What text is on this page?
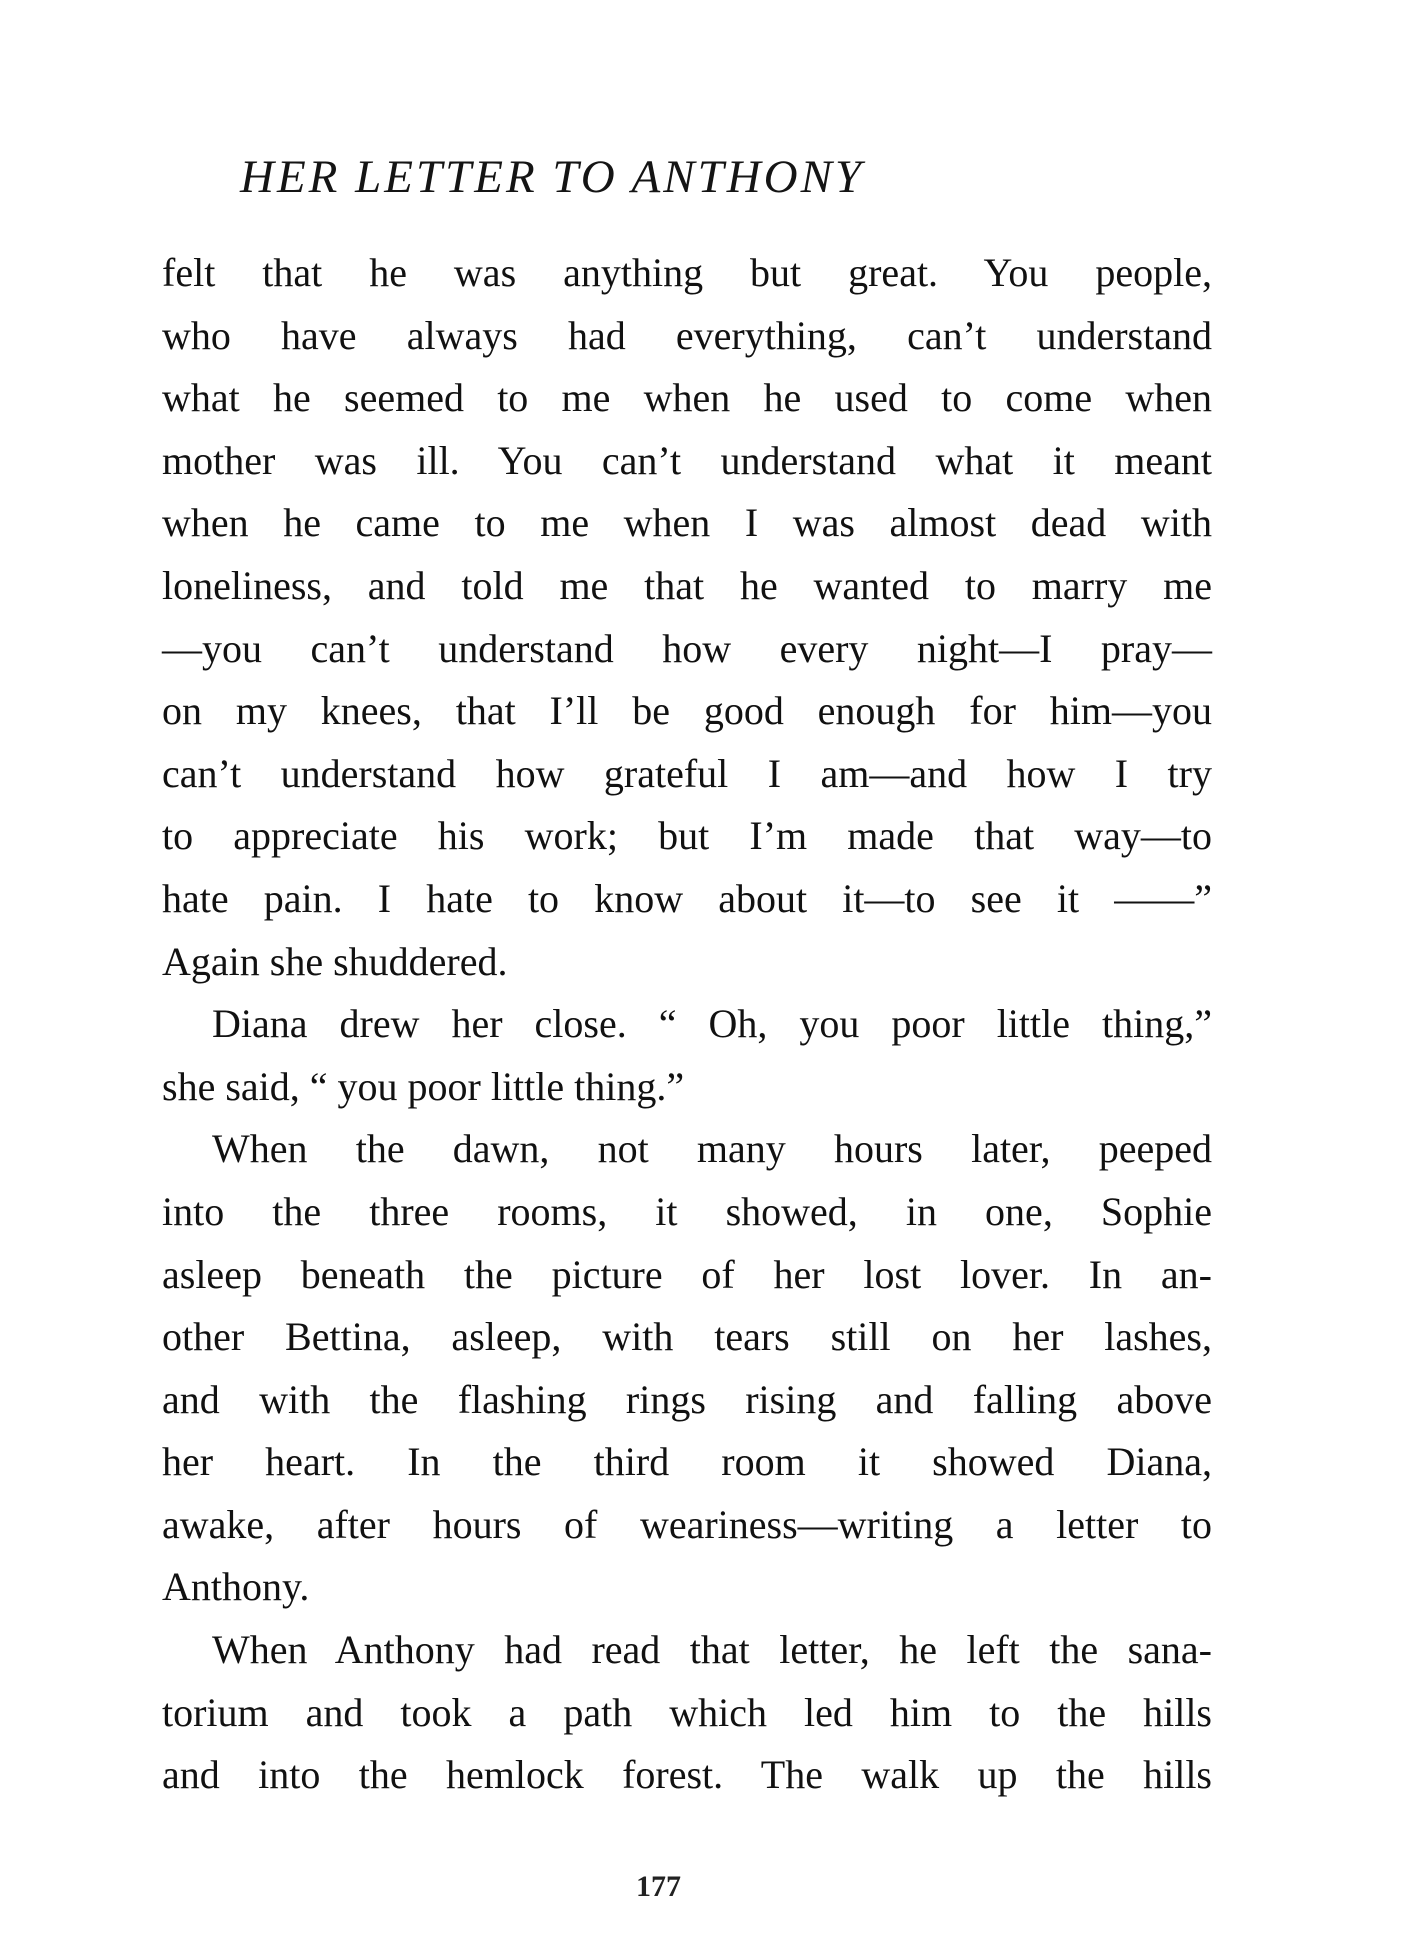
HER LETTER TO ANTHONY
felt that he was anything but great. You people,
who have always had everything, can’t understand
what he seemed to me when he used to come when
mother was ill. You can’t understand what it meant
when he came to me when I was almost dead with
loneliness, and told me that he wanted to marry me
—you can’t understand how every night—I pray—
on my knees, that I’ll be good enough for him—you
can’t understand how grateful I am—and how I try
to appreciate his work; but I’m made that way—to
hate pain. I hate to know about it—to see it ——”
Again she shuddered.
Diana drew her close. “ Oh, you poor little thing,”
she said, “ you poor little thing.”
When the dawn, not many hours later, peeped
into the three rooms, it showed, in one, Sophie
asleep beneath the picture of her lost lover. In an-
other Bettina, asleep, with tears still on her lashes,
and with the flashing rings rising and falling above
her heart. In the third room it showed Diana,
awake, after hours of weariness—writing a letter to
Anthony.
When Anthony had read that letter, he left the sana-
torium and took a path which led him to the hills
and into the hemlock forest. The walk up the hills
177
